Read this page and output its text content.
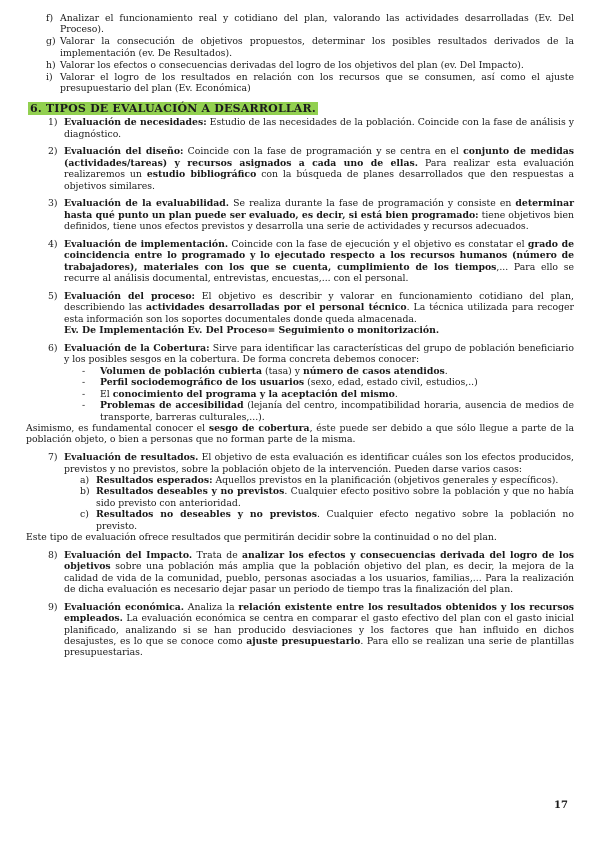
f) Analizar el funcionamiento real y cotidiano del plan, valorando las actividades desarrolladas (Ev. Del Proceso).
g) Valorar la consecución de objetivos propuestos, determinar los posibles resultados derivados de la implementación (ev. De Resultados).
h) Valorar los efectos o consecuencias derivadas del logro de los objetivos del plan (ev. Del Impacto).
i) Valorar el logro de los resultados en relación con los recursos que se consumen, así como el ajuste presupuestario del plan (Ev. Económica)
6. TIPOS DE EVALUACIÓN A DESARROLLAR.
1) Evaluación de necesidades: Estudio de las necesidades de la población. Coincide con la fase de análisis y diagnóstico.
2) Evaluación del diseño: Coincide con la fase de programación y se centra en el conjunto de medidas (actividades/tareas) y recursos asignados a cada uno de ellas. Para realizar esta evaluación realizaremos un estudio bibliográfico con la búsqueda de planes desarrollados que den respuestas a objetivos similares.
3) Evaluación de la evaluabilidad. Se realiza durante la fase de programación y consiste en determinar hasta qué punto un plan puede ser evaluado, es decir, si está bien programado: tiene objetivos bien definidos, tiene unos efectos previstos y desarrolla una serie de actividades y recursos adecuados.
4) Evaluación de implementación. Coincide con la fase de ejecución y el objetivo es constatar el grado de coincidencia entre lo programado y lo ejecutado respecto a los recursos humanos (número de trabajadores), materiales con los que se cuenta, cumplimiento de los tiempos,... Para ello se recurre al análisis documental, entrevistas, encuestas,... con el personal.
5) Evaluación del proceso: El objetivo es describir y valorar en funcionamiento cotidiano del plan, describiendo las actividades desarrolladas por el personal técnico. La técnica utilizada para recoger esta información son los soportes documentales donde queda almacenada.
Ev. De Implementación Ev. Del Proceso= Seguimiento o monitorización.
6) Evaluación de la Cobertura: Sirve para identificar las características del grupo de población beneficiario y los posibles sesgos en la cobertura. De forma concreta debemos conocer:
-	Volumen de población cubierta (tasa) y número de casos atendidos.
-	Perfil sociodemográfico de los usuarios (sexo, edad, estado civil, estudios,..)
-	El conocimiento del programa y la aceptación del mismo.
-	Problemas de accesibilidad (lejanía del centro, incompatibilidad horaria, ausencia de medios de transporte, barreras culturales,...).

Asimismo, es fundamental conocer el sesgo de cobertura, éste puede ser debido a que sólo llegue a parte de la población objeto, o bien a personas que no forman parte de la misma.

7) Evaluación de resultados. El objetivo de esta evaluación es identificar cuáles son los efectos producidos, previstos y no previstos, sobre la población objeto de la intervención. Pueden darse varios casos:
a) Resultados esperados: Aquellos previstos en la planificación (objetivos generales y específicos).
b) Resultados deseables y no previstos. Cualquier efecto positivo sobre la población y que no había sido previsto con anterioridad.
c) Resultados no deseables y no previstos. Cualquier efecto negativo sobre la población no previsto.

Este tipo de evaluación ofrece resultados que permitirán decidir sobre la continuidad o no del plan.

8) Evaluación del Impacto. Trata de analizar los efectos y consecuencias derivada del logro de los objetivos sobre una población más amplia que la población objetivo del plan, es decir, la mejora de la calidad de vida de la comunidad, pueblo, personas asociadas a los usuarios, familias,... Para la realización de dicha evaluación es necesario dejar pasar un periodo de tiempo tras la finalización del plan.
9) Evaluación económica. Analiza la relación existente entre los resultados obtenidos y los recursos empleados. La evaluación económica se centra en comparar el gasto efectivo del plan con el gasto inicial planificado, analizando si se han producido desviaciones y los factores que han influido en dichos desajustes, es lo que se conoce como ajuste presupuestario. Para ello se realizan una serie de plantillas presupuestarias.
17
